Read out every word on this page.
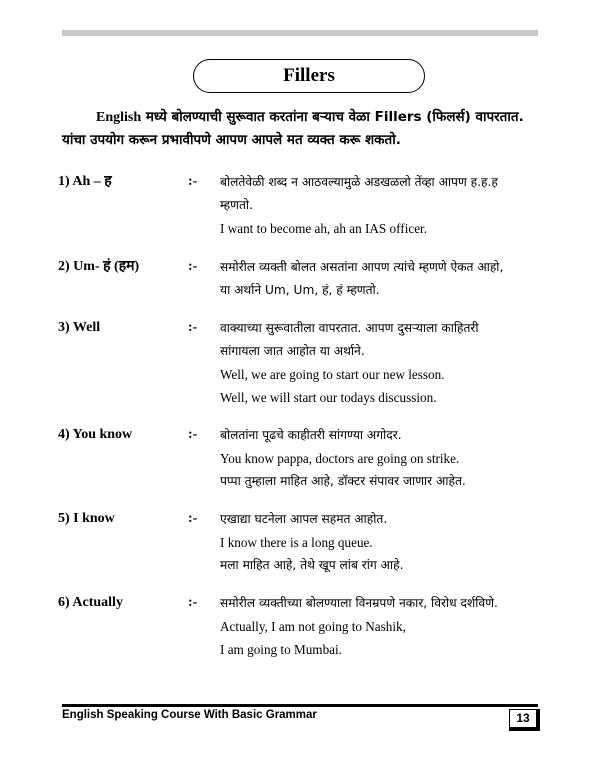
Fillers
English मध्ये बोलण्याची सुरूवात करतांना बऱ्याच वेळा Fillers (फिलर्स) वापरतात. यांचा उपयोग करून प्रभावीपणे आपण आपले मत व्यक्त करू शकतो.
1) Ah – ह	:- बोलतेवेळी शब्द न आठवल्यामुळे अडखळलो तेंव्हा आपण ह.ह.ह
म्हणतो.
I want to become ah, ah an IAS officer.
2) Um- हं (हम)	:- समोरील व्यक्ती बोलत असतांना आपण त्यांचे म्हणणे ऐकत आहो,
या अर्थाने Um, Um, हं, हं म्हणतो.
3) Well	:- वाक्याच्या सुरूवातीला वापरतात. आपण दुसऱ्याला काहितरी
सांगायला जात आहोत या अर्थाने.
Well, we are going to start our new lesson.
Well, we will start our todays discussion.
4) You know	:- बोलतांना पूढचे काहीतरी सांगण्या अगोदर.
You know pappa, doctors are going on strike.
पप्पा तुम्हाला माहित आहे, डॉक्टर संपावर जाणार आहेत.
5) I know	:- एखाद्या घटनेला आपल सहमत आहोत.
I know there is a long queue.
मला माहित आहे, तेथे खूप लांब रांग आहे.
6) Actually	:- समोरील व्यक्तीच्या बोलण्याला विनम्रपणे नकार, विरोध दर्शविणे.
Actually, I am not going to Nashik,
I am going to Mumbai.
English Speaking Course With Basic Grammar	13
